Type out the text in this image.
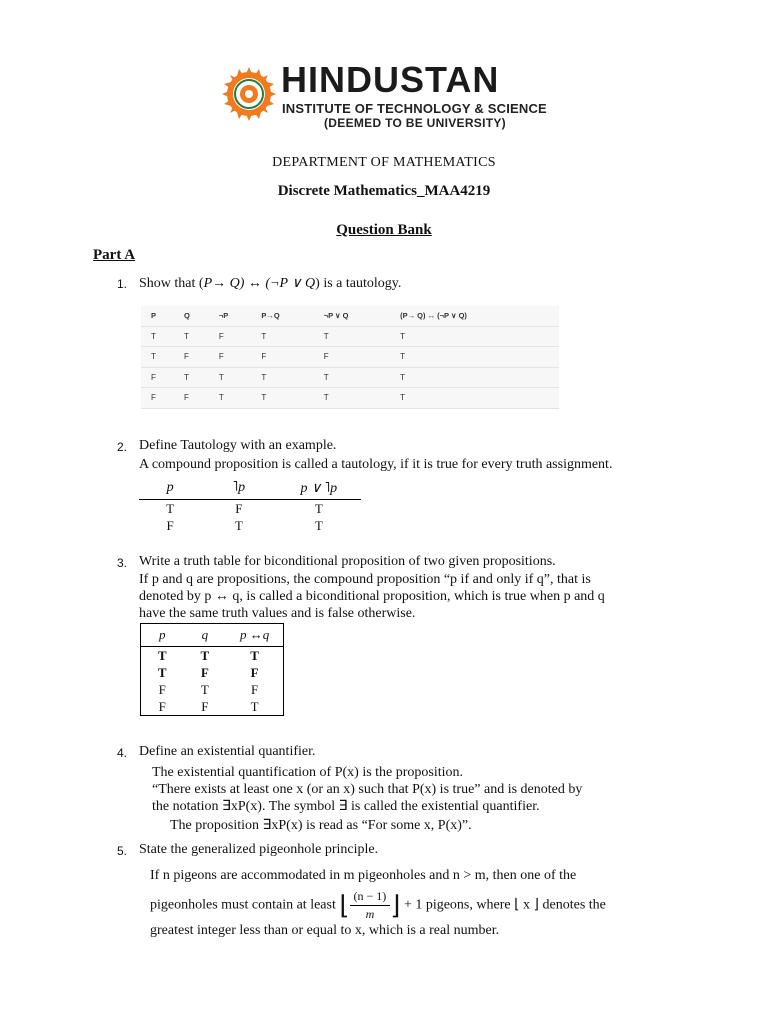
HINDUSTAN
INSTITUTE OF TECHNOLOGY & SCIENCE
(DEEMED TO BE UNIVERSITY)
DEPARTMENT OF MATHEMATICS
Discrete Mathematics_MAA4219
Question Bank
Part A
1. Show that (P→ Q) ↔ (¬P ∨ Q) is a tautology.
P	Q	¬P	P→Q	¬P ∨ Q	(P→ Q) ↔ (¬P ∨ Q)
T	T	F	T	T	T
T	F	F	F	F	T
F	T	T	T	T	T
F	F	T	T	T	T
2. Define Tautology with an example.
A compound proposition is called a tautology, if it is true for every truth assignment.
p	˥p	p ∨ ˥p
T	F	T
F	T	T
3. Write a truth table for biconditional proposition of two given propositions.
If p and q are propositions, the compound proposition “p if and only if q”, that is
denoted by p ↔ q, is called a biconditional proposition, which is true when p and q
have the same truth values and is false otherwise.
p	q	p ↔q
T	T	T
T	F	F
F	T	F
F	F	T
4. Define an existential quantifier.
The existential quantification of P(x) is the proposition.
“There exists at least one x (or an x) such that P(x) is true” and is denoted by
the notation ∃xP(x). The symbol ∃ is called the existential quantifier.
The proposition ∃xP(x) is read as “For some x, P(x)”.
5. State the generalized pigeonhole principle.
If n pigeons are accommodated in m pigeonholes and n > m, then one of the
pigeonholes must contain at least ⌊ $\frac{(n - 1)}{m}$ ⌋ + 1 pigeons, where ⌊ x ⌋ denotes the
greatest integer less than or equal to x, which is a real number.
